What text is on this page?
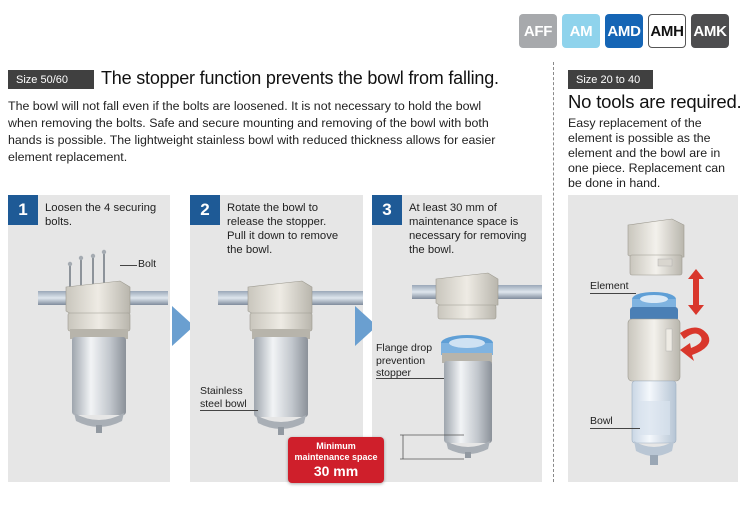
AFF	AM	AMD AMH AMK
Size 50/60	The stopper function prevents the bowl from falling.
The bowl will not fall even if the bolts are loosened. It is not necessary to hold the bowl
when removing the bolts. Safe and secure mounting and removing of the bowl with both
hands is possible. The lightweight stainless bowl with reduced thickness allows for easier
element replacement.
Size 20 to 40
No tools are required.
Easy replacement of the
element is possible as the
element and the bowl are in
one piece. Replacement can
be done in hand.
1	Loosen the 4 securing
bolts.
Bolt
2	Rotate the bowl to
release the stopper.
Pull it down to remove
the bowl.
Stainless
steel bowl
3	At least 30 mm of
maintenance space is
necessary for removing
the bowl.
Flange drop
prevention
stopper
Minimum
maintenance space
30 mm
Element
Bowl
